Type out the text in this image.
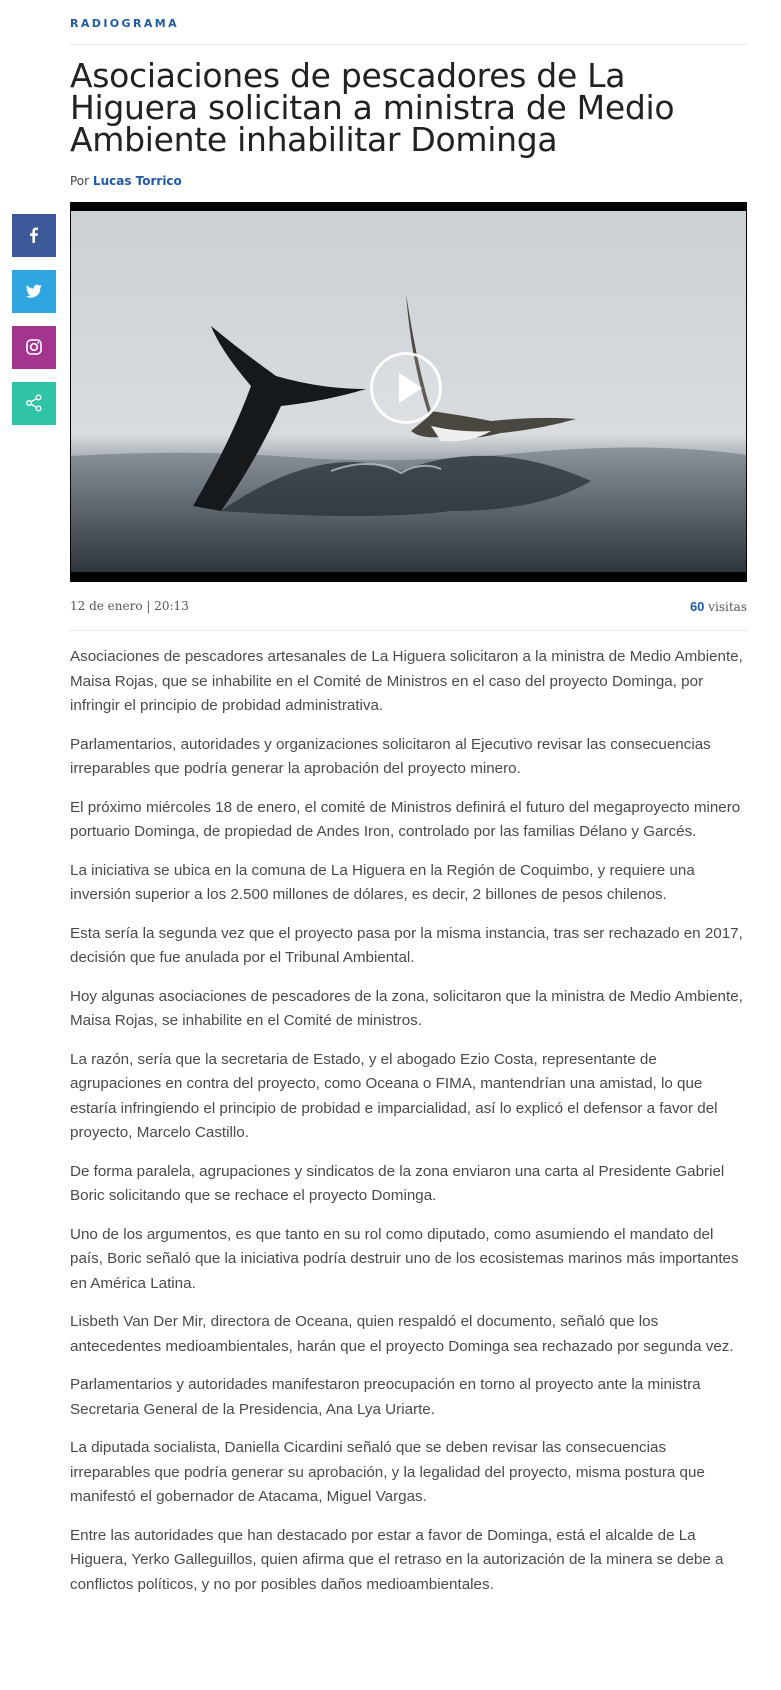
RADIOGRAMA
Asociaciones de pescadores de La Higuera solicitan a ministra de Medio Ambiente inhabilitar Dominga
Por Lucas Torrico
12 de enero | 20:13	60 visitas

Asociaciones de pescadores artesanales de La Higuera solicitaron a la ministra de Medio Ambiente, Maisa Rojas, que se inhabilite en el Comité de Ministros en el caso del proyecto Dominga, por infringir el principio de probidad administrativa.

Parlamentarios, autoridades y organizaciones solicitaron al Ejecutivo revisar las consecuencias irreparables que podría generar la aprobación del proyecto minero.

El próximo miércoles 18 de enero, el comité de Ministros definirá el futuro del megaproyecto minero portuario Dominga, de propiedad de Andes Iron, controlado por las familias Délano y Garcés.

La iniciativa se ubica en la comuna de La Higuera en la Región de Coquimbo, y requiere una inversión superior a los 2.500 millones de dólares, es decir, 2 billones de pesos chilenos.

Esta sería la segunda vez que el proyecto pasa por la misma instancia, tras ser rechazado en 2017, decisión que fue anulada por el Tribunal Ambiental.

Hoy algunas asociaciones de pescadores de la zona, solicitaron que la ministra de Medio Ambiente, Maisa Rojas, se inhabilite en el Comité de ministros.

La razón, sería que la secretaria de Estado, y el abogado Ezio Costa, representante de agrupaciones en contra del proyecto, como Oceana o FIMA, mantendrían una amistad, lo que estaría infringiendo el principio de probidad e imparcialidad, así lo explicó el defensor a favor del proyecto, Marcelo Castillo.

De forma paralela, agrupaciones y sindicatos de la zona enviaron una carta al Presidente Gabriel Boric solicitando que se rechace el proyecto Dominga.

Uno de los argumentos, es que tanto en su rol como diputado, como asumiendo el mandato del país, Boric señaló que la iniciativa podría destruir uno de los ecosistemas marinos más importantes en América Latina.

Lisbeth Van Der Mir, directora de Oceana, quien respaldó el documento, señaló que los antecedentes medioambientales, harán que el proyecto Dominga sea rechazado por segunda vez.

Parlamentarios y autoridades manifestaron preocupación en torno al proyecto ante la ministra Secretaria General de la Presidencia, Ana Lya Uriarte.

La diputada socialista, Daniella Cicardini señaló que se deben revisar las consecuencias irreparables que podría generar su aprobación, y la legalidad del proyecto, misma postura que manifestó el gobernador de Atacama, Miguel Vargas.

Entre las autoridades que han destacado por estar a favor de Dominga, está el alcalde de La Higuera, Yerko Galleguillos, quien afirma que el retraso en la autorización de la minera se debe a conflictos políticos, y no por posibles daños medioambientales.
